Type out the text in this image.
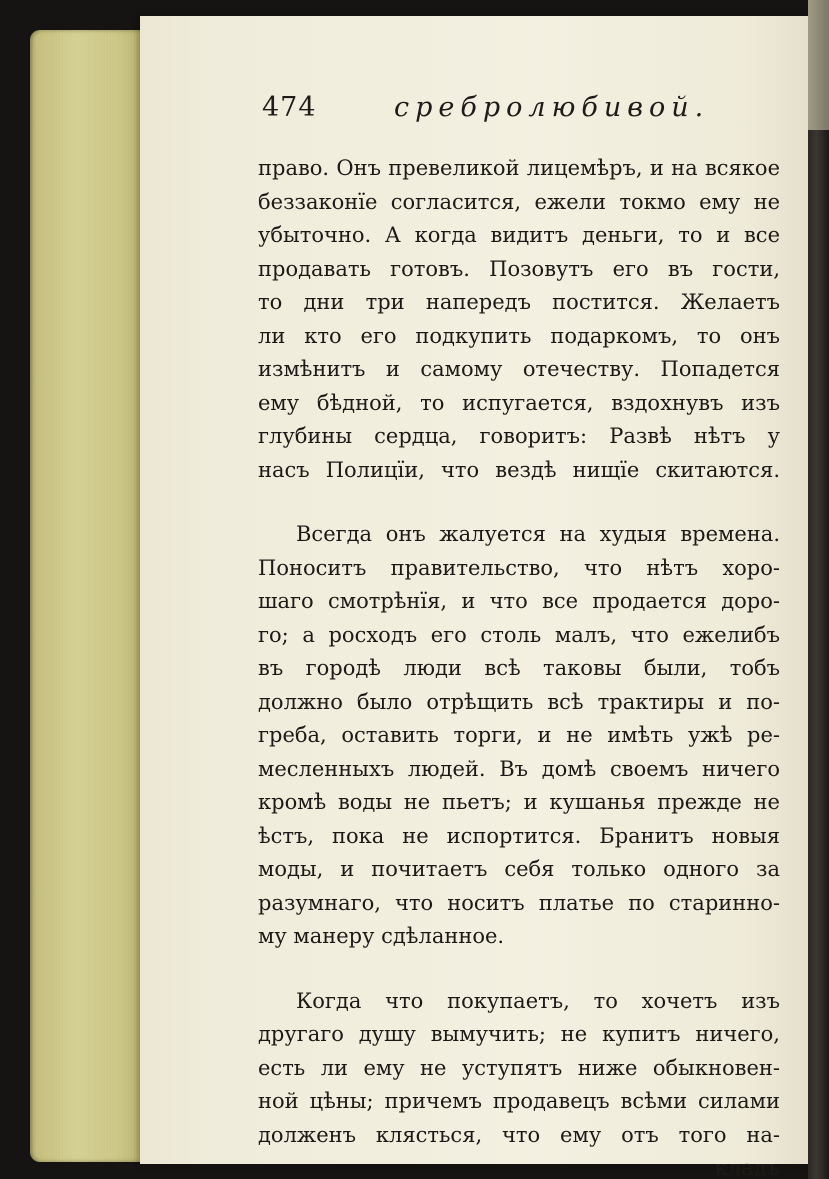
474	сребролюбивой.
право. Онъ превеликой лицемѣръ, и на всякое
беззаконїе согласится, ежели токмо ему не
убыточно. А когда видитъ деньги, то и все
продавать готовъ. Позовутъ его въ гости,
то дни три напередъ постится. Желаетъ
ли кто его подкупить подаркомъ, то онъ
измѣнитъ и самому отечеству. Попадется
ему бѣдной, то испугается, вздохнувъ изъ
глубины сердца, говоритъ: Развѣ нѣтъ у
насъ Полицїи, что вездѣ нищїе скитаются.
Всегда онъ жалуется на худыя времена.
Поноситъ правительство, что нѣтъ хоро-
шаго смотрѣнїя, и что все продается доро-
го; а росходъ его столь малъ, что ежелибъ
въ городѣ люди всѣ таковы были, тобъ
должно было отрѣщить всѣ трактиры и по-
греба, оставить торги, и не имѣть ужѣ ре-
месленныхъ людей. Въ домѣ своемъ ничего
кромѣ воды не пьетъ; и кушанья прежде не
ѣстъ, пока не испортится. Бранитъ новыя
моды, и почитаетъ себя только одного за
разумнаго, что носитъ платье по старинно-
му манеру сдѣланное.
Когда что покупаетъ, то хочетъ изъ
другаго душу вымучить; не купитъ ничего,
есть ли ему не уступятъ ниже обыкновен-
ной цѣны; причемъ продавецъ всѣми силами
долженъ клясться, что ему отъ того на-
кладъ
